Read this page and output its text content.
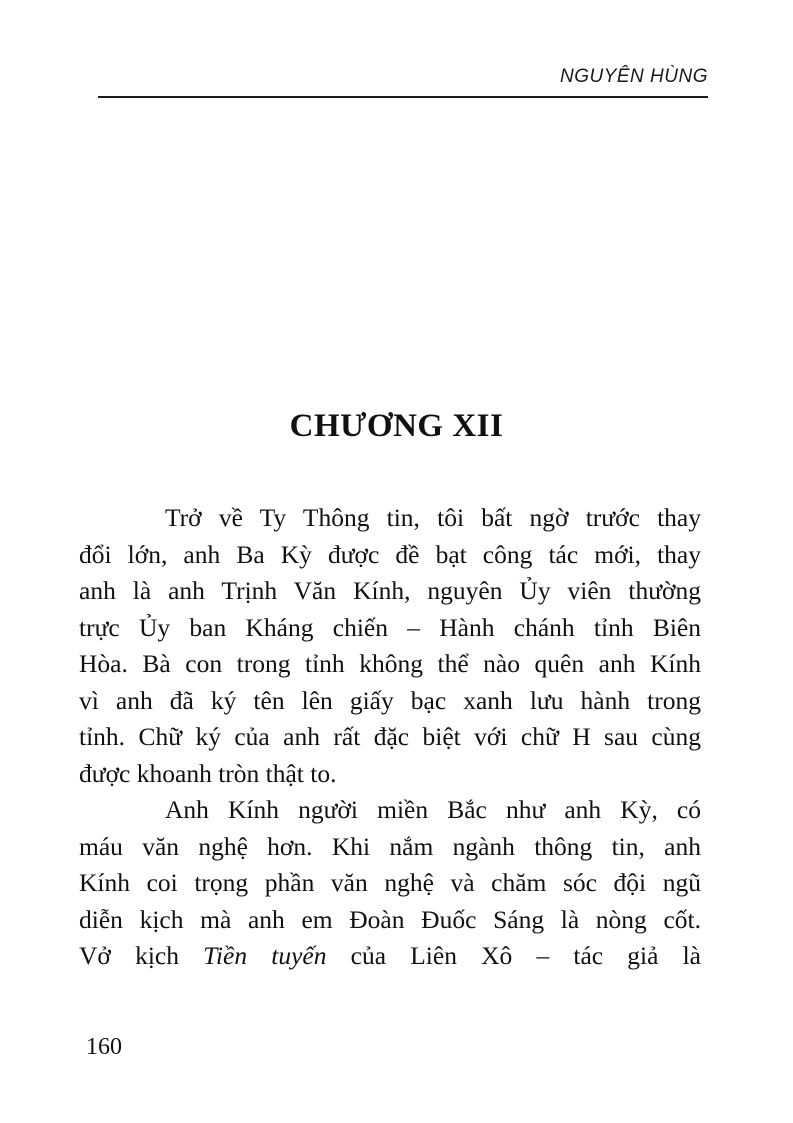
NGUYÊN HÙNG
CHƯƠNG XII
Trở về Ty Thông tin, tôi bất ngờ trước thay
đổi lớn, anh Ba Kỳ được đề bạt công tác mới, thay
anh là anh Trịnh Văn Kính, nguyên Ủy viên thường
trực Ủy ban Kháng chiến – Hành chánh tỉnh Biên
Hòa. Bà con trong tỉnh không thể nào quên anh Kính
vì anh đã ký tên lên giấy bạc xanh lưu hành trong
tỉnh. Chữ ký của anh rất đặc biệt với chữ H sau cùng
được khoanh tròn thật to.
Anh Kính người miền Bắc như anh Kỳ, có
máu văn nghệ hơn. Khi nắm ngành thông tin, anh
Kính coi trọng phần văn nghệ và chăm sóc đội ngũ
diễn kịch mà anh em Đoàn Đuốc Sáng là nòng cốt.
Vở kịch Tiền tuyến của Liên Xô – tác giả là
160
